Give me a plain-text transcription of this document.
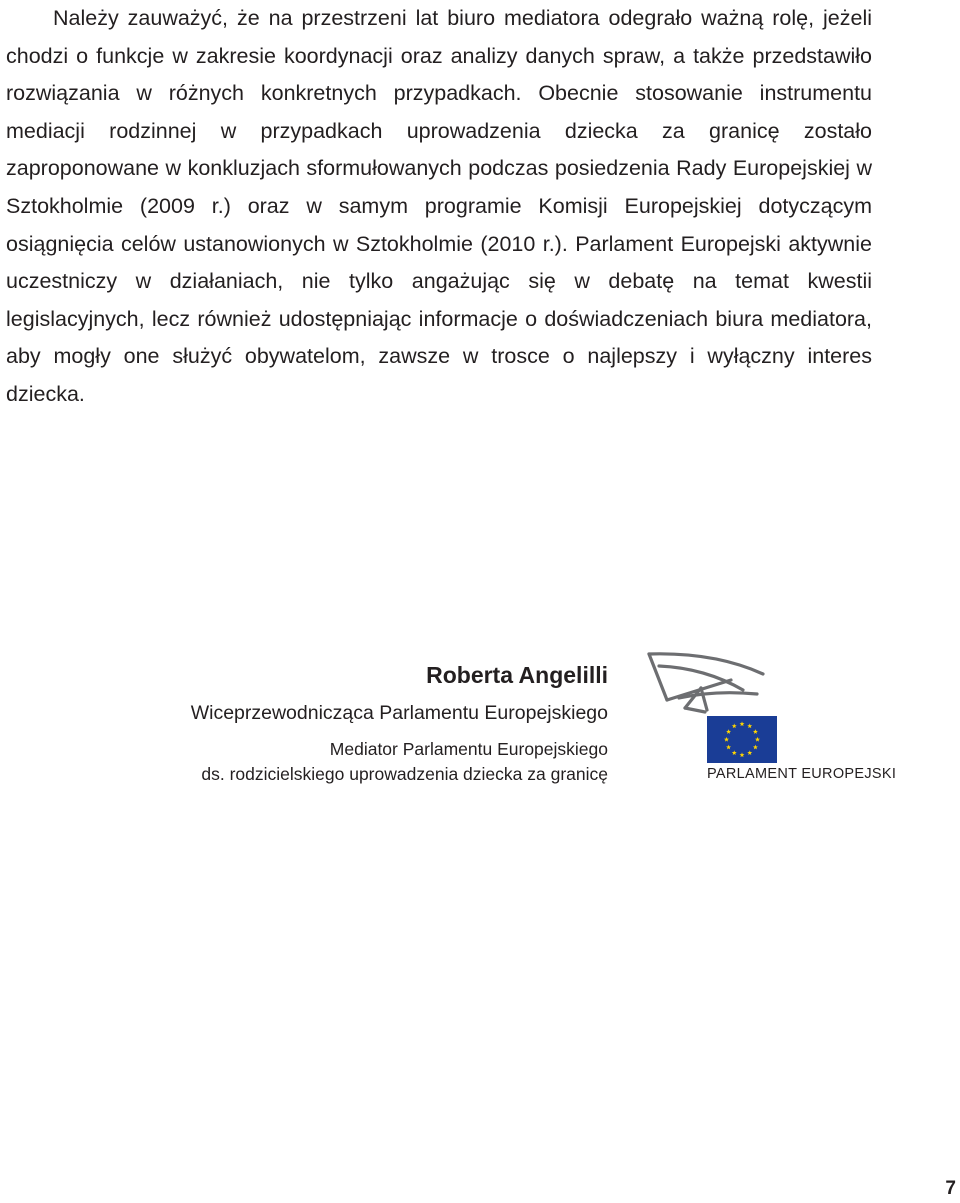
Należy zauważyć, że na przestrzeni lat biuro mediatora odegrało ważną rolę, jeżeli chodzi o funkcje w zakresie koordynacji oraz analizy danych spraw, a także przedstawiło rozwiązania w różnych konkretnych przypadkach. Obecnie stosowanie instrumentu mediacji rodzinnej w przypadkach uprowadzenia dziecka za granicę zostało zaproponowane w konkluzjach sformułowanych podczas posiedzenia Rady Europejskiej w Sztokholmie (2009 r.) oraz w samym programie Komisji Europejskiej dotyczącym osiągnięcia celów ustanowionych w Sztokholmie (2010 r.). Parlament Europejski aktywnie uczestniczy w działaniach, nie tylko angażując się w debatę na temat kwestii legislacyjnych, lecz również udostępniając informacje o doświadczeniach biura mediatora, aby mogły one służyć obywatelom, zawsze w trosce o najlepszy i wyłączny interes dziecka.

Roberta Angelilli
Wiceprzewodnicząca Parlamentu Europejskiego
Mediator Parlamentu Europejskiego
ds. rodzicielskiego uprowadzenia dziecka za granicę	PARLAMENT EUROPEJSKI
7
